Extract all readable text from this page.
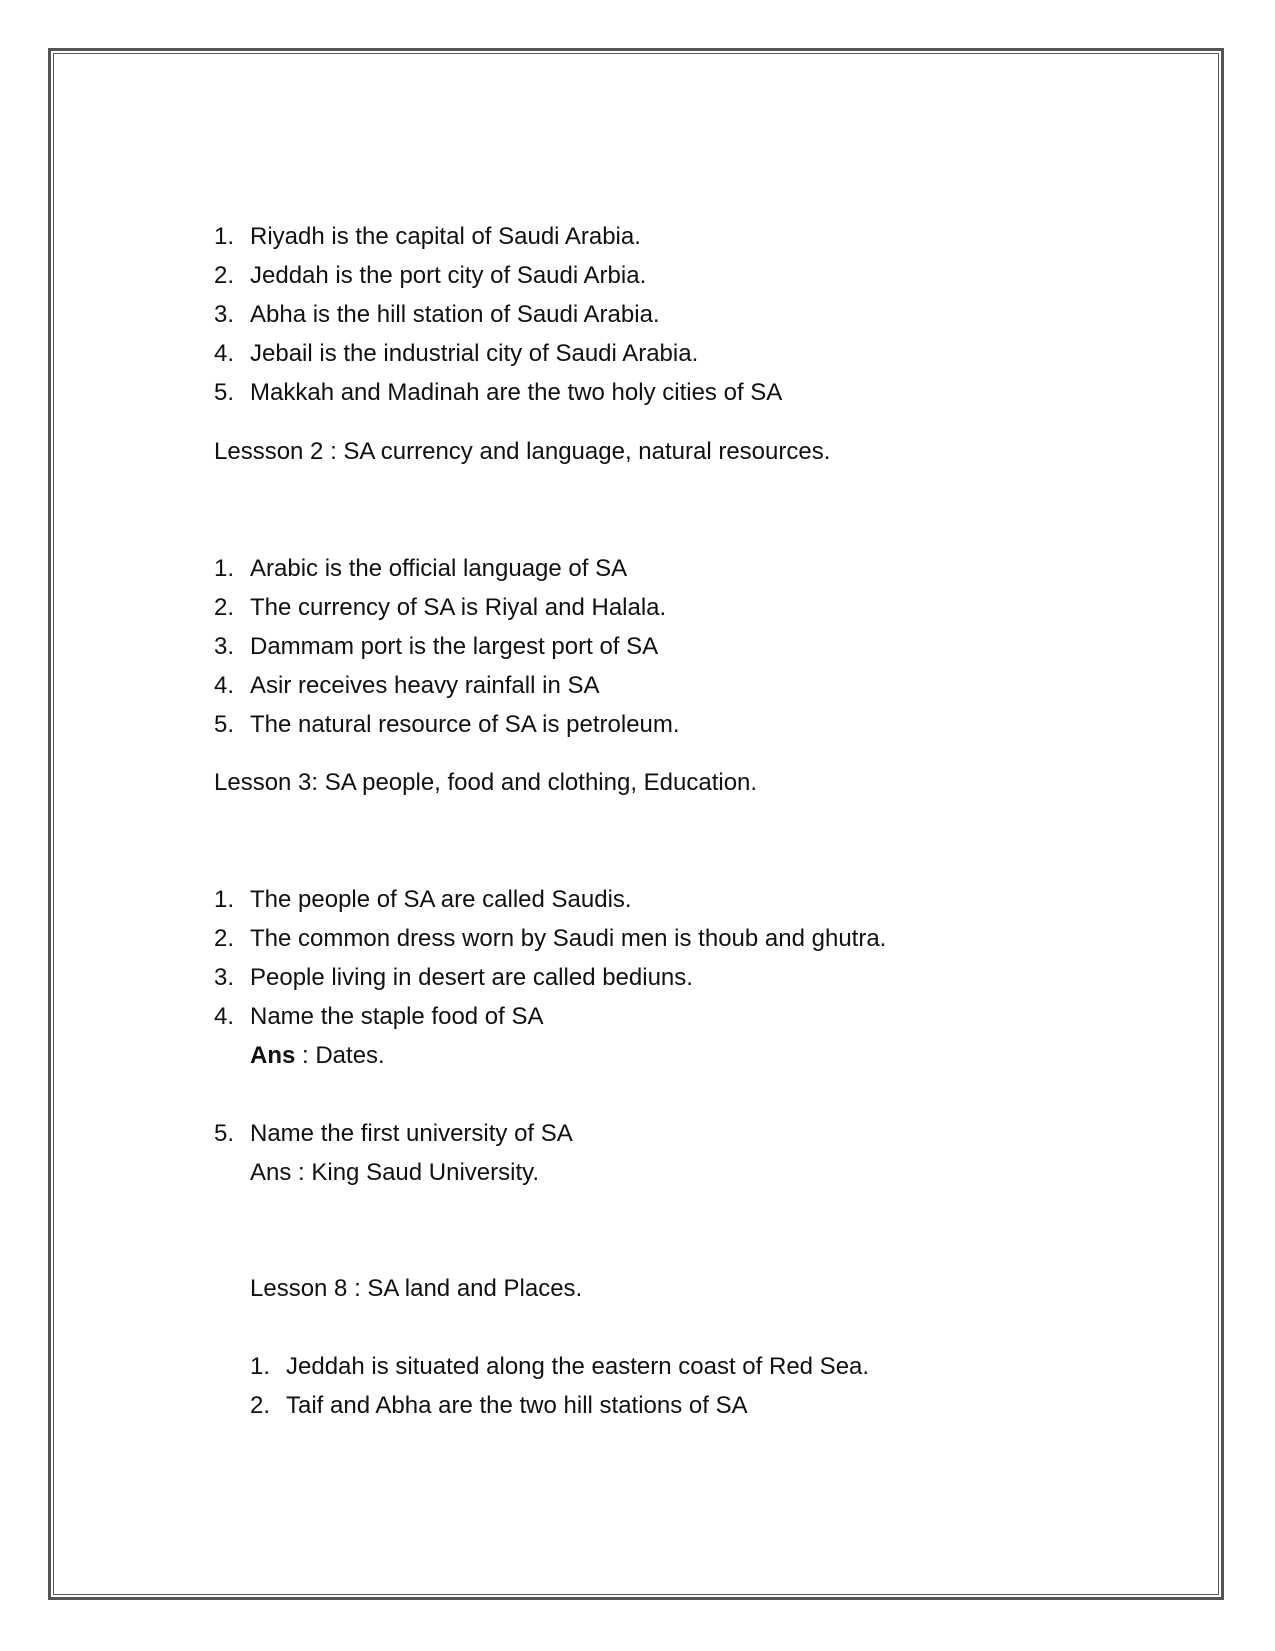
1. Riyadh is the capital of Saudi Arabia.
2. Jeddah is the port city of Saudi Arbia.
3. Abha is the hill station of Saudi Arabia.
4. Jebail is the industrial city of Saudi Arabia.
5. Makkah and Madinah are the two holy cities of SA
Lessson 2 : SA currency and language, natural resources.
1. Arabic is the official language of SA
2. The currency of SA is Riyal and Halala.
3. Dammam port is the largest port of SA
4. Asir receives heavy rainfall in SA
5. The natural resource of SA is petroleum.
Lesson 3: SA people, food and clothing, Education.
1. The people of SA are called Saudis.
2. The common dress worn by Saudi men is thoub and ghutra.
3. People living in desert are called bediuns.
4. Name the staple food of SA
Ans : Dates.
5. Name the first university of SA
Ans : King Saud University.
Lesson 8 : SA land and Places.
1. Jeddah is situated along the eastern coast of Red Sea.
2. Taif and Abha are the two hill stations of SA
